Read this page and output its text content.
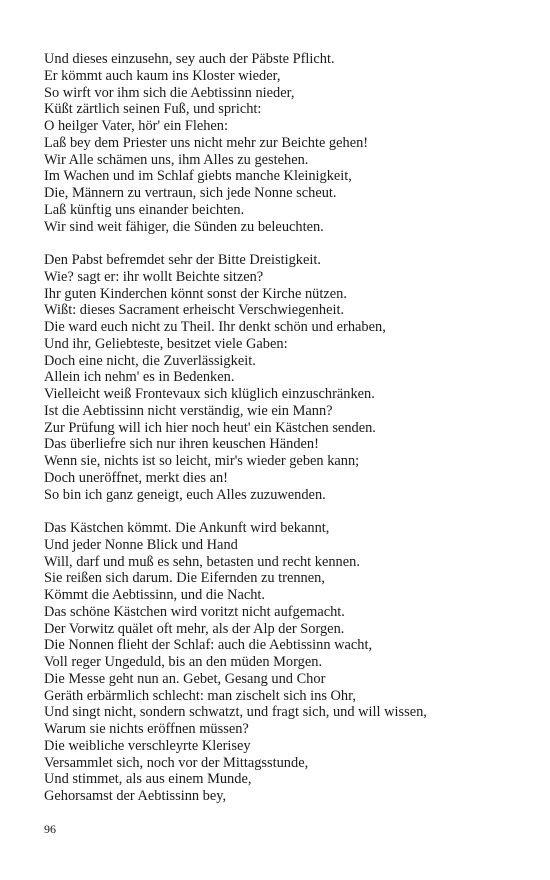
Und dieses einzusehn, sey auch der Päbste Pflicht.
Er kömmt auch kaum ins Kloster wieder,
So wirft vor ihm sich die Aebtissinn nieder,
Küßt zärtlich seinen Fuß, und spricht:
O heilger Vater, hör' ein Flehen:
Laß bey dem Priester uns nicht mehr zur Beichte gehen!
Wir Alle schämen uns, ihm Alles zu gestehen.
Im Wachen und im Schlaf giebts manche Kleinigkeit,
Die, Männern zu vertraun, sich jede Nonne scheut.
Laß künftig uns einander beichten.
Wir sind weit fähiger, die Sünden zu beleuchten.
Den Pabst befremdet sehr der Bitte Dreistigkeit.
Wie? sagt er: ihr wollt Beichte sitzen?
Ihr guten Kinderchen könnt sonst der Kirche nützen.
Wißt: dieses Sacrament erheischt Verschwiegenheit.
Die ward euch nicht zu Theil. Ihr denkt schön und erhaben,
Und ihr, Geliebteste, besitzet viele Gaben:
Doch eine nicht, die Zuverlässigkeit.
Allein ich nehm' es in Bedenken.
Vielleicht weiß Frontevaux sich klüglich einzuschränken.
Ist die Aebtissinn nicht verständig, wie ein Mann?
Zur Prüfung will ich hier noch heut' ein Kästchen senden.
Das überliefre sich nur ihren keuschen Händen!
Wenn sie, nichts ist so leicht, mir's wieder geben kann;
Doch uneröffnet, merkt dies an!
So bin ich ganz geneigt, euch Alles zuzuwenden.
Das Kästchen kömmt. Die Ankunft wird bekannt,
Und jeder Nonne Blick und Hand
Will, darf und muß es sehn, betasten und recht kennen.
Sie reißen sich darum. Die Eifernden zu trennen,
Kömmt die Aebtissinn, und die Nacht.
Das schöne Kästchen wird voritzt nicht aufgemacht.
Der Vorwitz quälet oft mehr, als der Alp der Sorgen.
Die Nonnen flieht der Schlaf: auch die Aebtissinn wacht,
Voll reger Ungeduld, bis an den müden Morgen.
Die Messe geht nun an. Gebet, Gesang und Chor
Geräth erbärmlich schlecht: man zischelt sich ins Ohr,
Und singt nicht, sondern schwatzt, und fragt sich, und will wissen,
Warum sie nichts eröffnen müssen?
Die weibliche verschleyrte Klerisey
Versammlet sich, noch vor der Mittagsstunde,
Und stimmet, als aus einem Munde,
Gehorsamst der Aebtissinn bey,
96
